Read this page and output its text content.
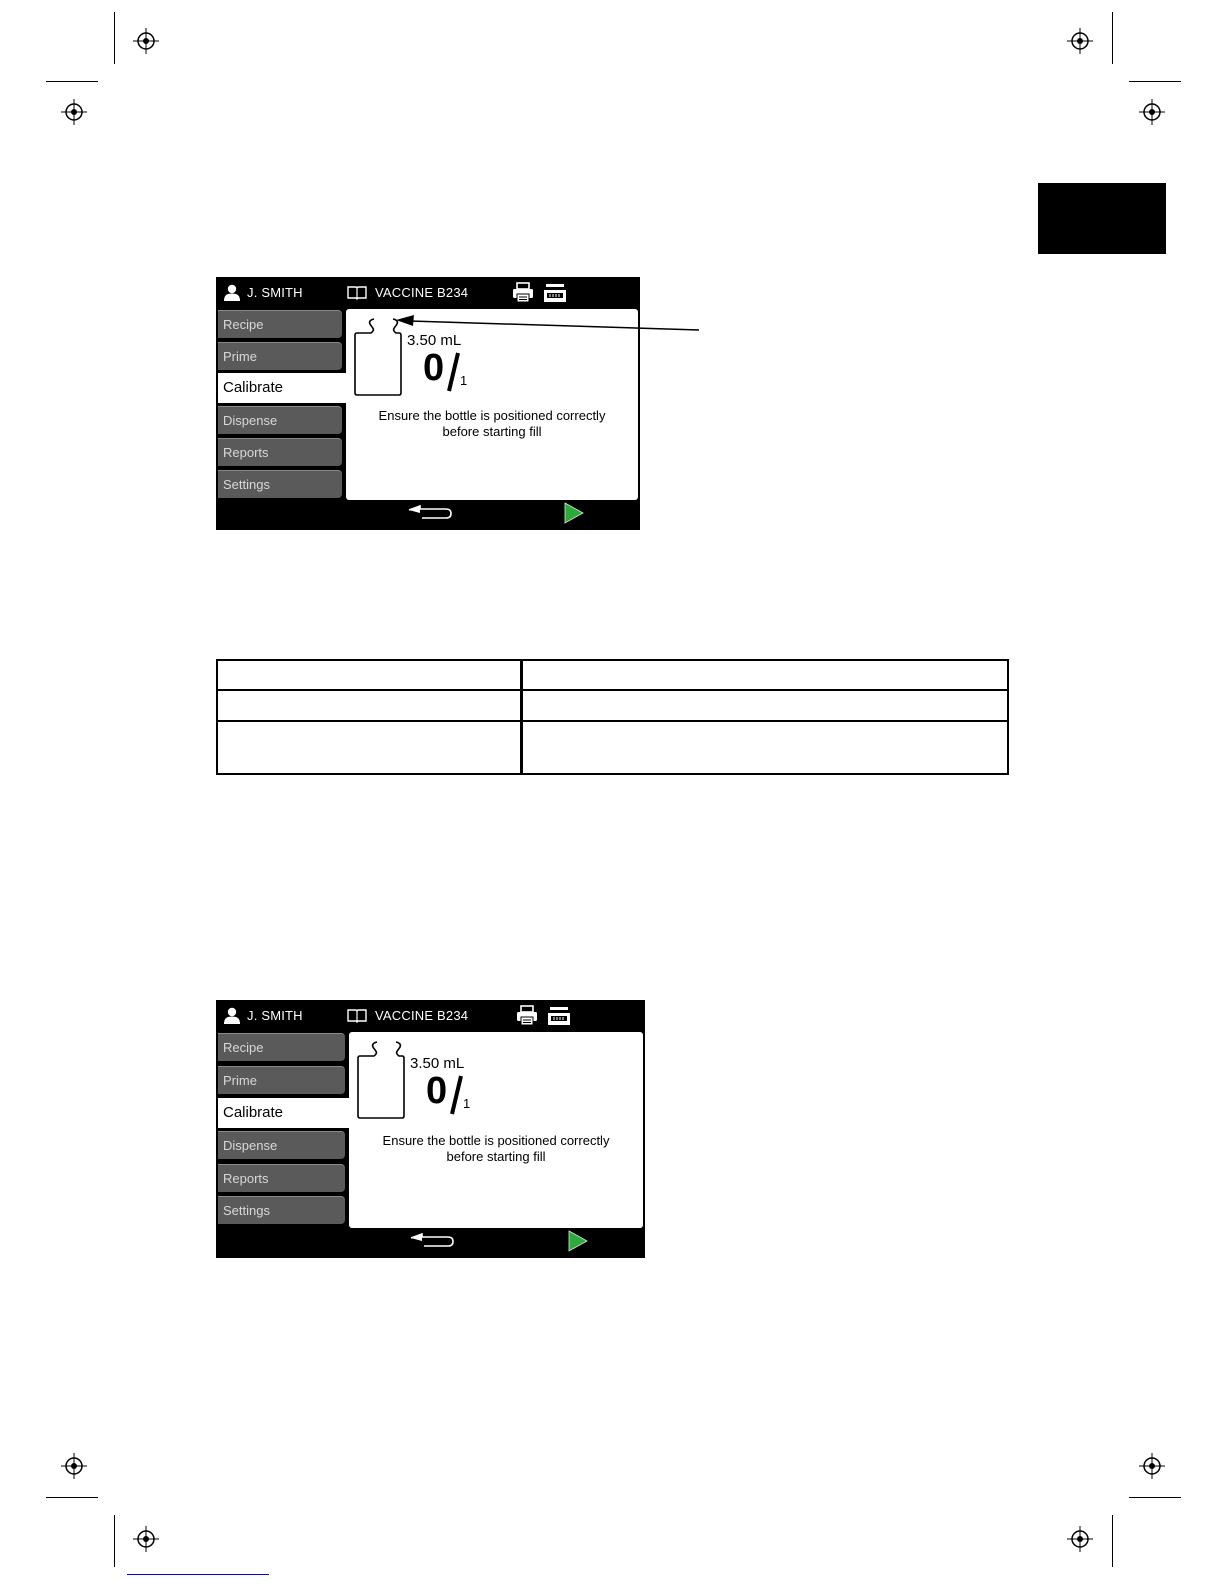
J. SMITH	VACCINE B234
Recipe
Prime
Calibrate
Dispense
Reports
Settings
3.50 mL
0 1
Ensure the bottle is positioned correctly
before starting fill

J. SMITH	VACCINE B234
Recipe
Prime
Calibrate
Dispense
Reports
Settings
3.50 mL
0 1
Ensure the bottle is positioned correctly
before starting fill
